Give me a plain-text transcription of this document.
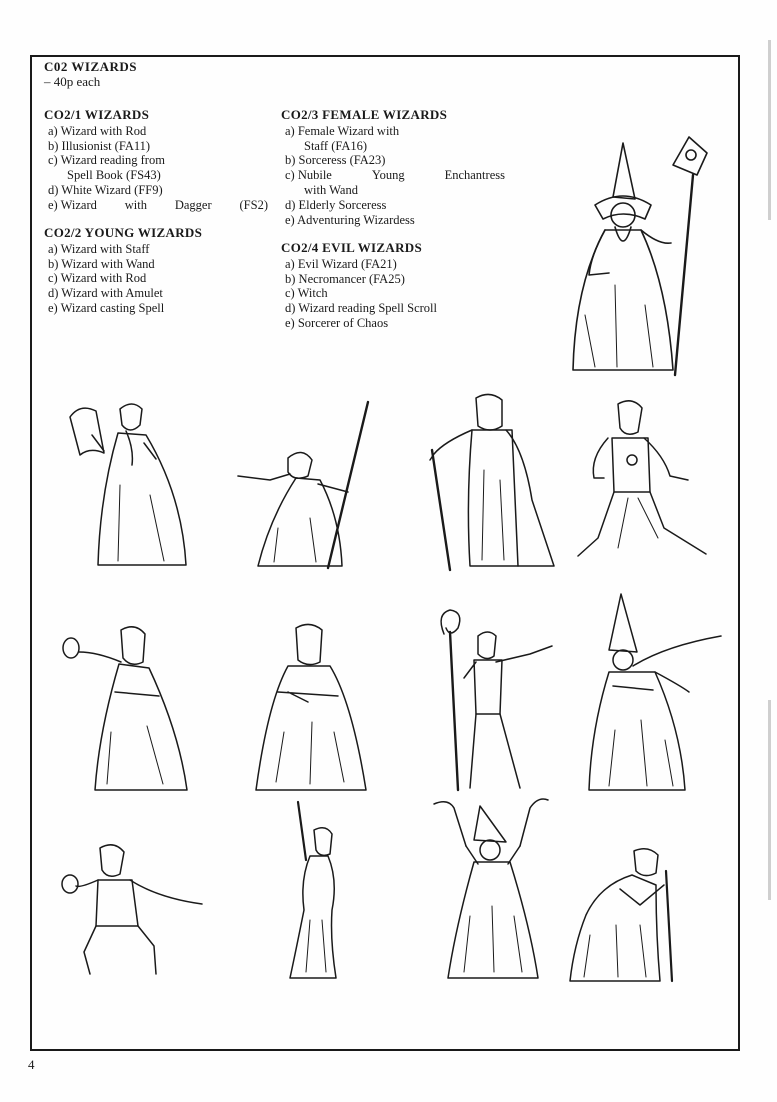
C02 WIZARDS
– 40p each
CO2/1 WIZARDS
a) Wizard with Rod
b) Illusionist (FA11)
c) Wizard reading from
Spell Book (FS43)
d) White Wizard (FF9)
e) Wizard with Dagger (FS2)
CO2/2 YOUNG WIZARDS
a) Wizard with Staff
b) Wizard with Wand
c) Wizard with Rod
d) Wizard with Amulet
e) Wizard casting Spell
CO2/3 FEMALE WIZARDS
a) Female Wizard with
Staff (FA16)
b) Sorceress (FA23)
c) Nubile	Young	Enchantress
with Wand
d) Elderly Sorceress
e) Adventuring Wizardess
CO2/4 EVIL WIZARDS
a) Evil Wizard (FA21)
b) Necromancer (FA25)
c) Witch
d) Wizard reading Spell Scroll
e) Sorcerer of Chaos
4
